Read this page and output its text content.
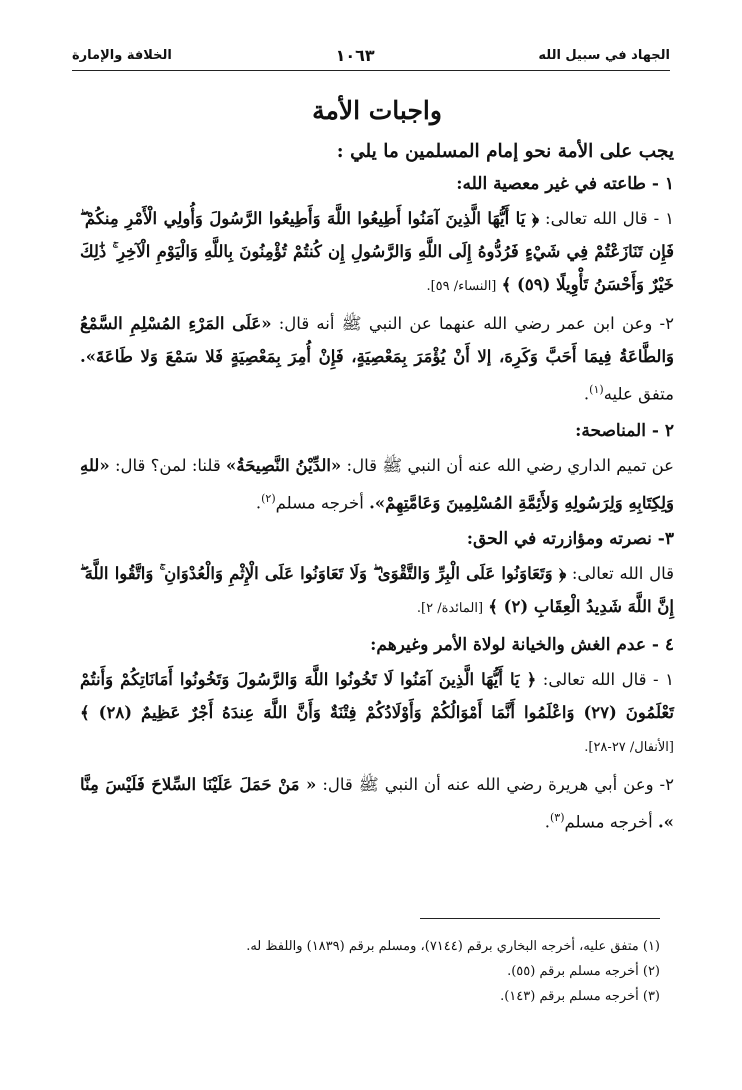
الجهاد في سبيل الله
١٠٦٣
الخلافة والإمارة
واجبات الأمة
يجب على الأمة نحو إمام المسلمين ما يلي :
١ - طاعته في غير معصية الله:

١ - قال الله تعالى: ﴿ يَا أَيُّهَا الَّذِينَ آمَنُوا أَطِيعُوا اللَّهَ وَأَطِيعُوا الرَّسُولَ وَأُولِي الْأَمْرِ مِنكُمْ ۖ فَإِن تَنَازَعْتُمْ فِي شَيْءٍ فَرُدُّوهُ إِلَى اللَّهِ وَالرَّسُولِ إِن كُنتُمْ تُؤْمِنُونَ بِاللَّهِ وَالْيَوْمِ الْآخِرِ ۚ ذَٰلِكَ خَيْرٌ وَأَحْسَنُ تَأْوِيلًا (٥٩) ﴾ [النساء/ ٥٩].

٢- وعن ابن عمر رضي الله عنهما عن النبي ﷺ أنه قال: «عَلَى المَرْءِ المُسْلِمِ السَّمْعُ وَالطَّاعَةُ فِيمَا أَحَبَّ وَكَرِهَ، إلا أَنْ يُؤْمَرَ بِمَعْصِيَةٍ، فَإِنْ أُمِرَ بِمَعْصِيَةٍ فَلا سَمْعَ وَلا طَاعَةَ». متفق عليه$^{(١)}$.

٢ - المناصحة:

عن تميم الداري رضي الله عنه أن النبي ﷺ قال: «الدِّيْنُ النَّصِيحَةُ» قلنا: لمن؟ قال: «للهِ وَلِكِتَابِهِ وَلِرَسُولِهِ وَلأَئِمَّةِ المُسْلِمِينَ وَعَامَّتِهِمْ». أخرجه مسلم$^{(٢)}$.

٣- نصرته ومؤازرته في الحق:

قال الله تعالى: ﴿ وَتَعَاوَنُوا عَلَى الْبِرِّ وَالتَّقْوَىٰ ۖ وَلَا تَعَاوَنُوا عَلَى الْإِثْمِ وَالْعُدْوَانِ ۚ وَاتَّقُوا اللَّهَ ۖ إِنَّ اللَّهَ شَدِيدُ الْعِقَابِ (٢) ﴾ [المائدة/ ٢].

٤ - عدم الغش والخيانة لولاة الأمر وغيرهم:

١ - قال الله تعالى: ﴿ يَا أَيُّهَا الَّذِينَ آمَنُوا لَا تَخُونُوا اللَّهَ وَالرَّسُولَ وَتَخُونُوا أَمَانَاتِكُمْ وَأَنتُمْ تَعْلَمُونَ (٢٧) وَاعْلَمُوا أَنَّمَا أَمْوَالُكُمْ وَأَوْلَادُكُمْ فِتْنَةٌ وَأَنَّ اللَّهَ عِندَهُ أَجْرٌ عَظِيمٌ (٢٨) ﴾ [الأنفال/ ٢٧-٢٨].

٢- وعن أبي هريرة رضي الله عنه أن النبي ﷺ قال: « مَنْ حَمَلَ عَلَيْنَا السِّلاحَ فَلَيْسَ مِنَّا ». أخرجه مسلم$^{(٣)}$.

(١) متفق عليه، أخرجه البخاري برقم (٧١٤٤)، ومسلم برقم (١٨٣٩) واللفظ له.
(٢) أخرجه مسلم برقم (٥٥).
(٣) أخرجه مسلم برقم (١٤٣).
